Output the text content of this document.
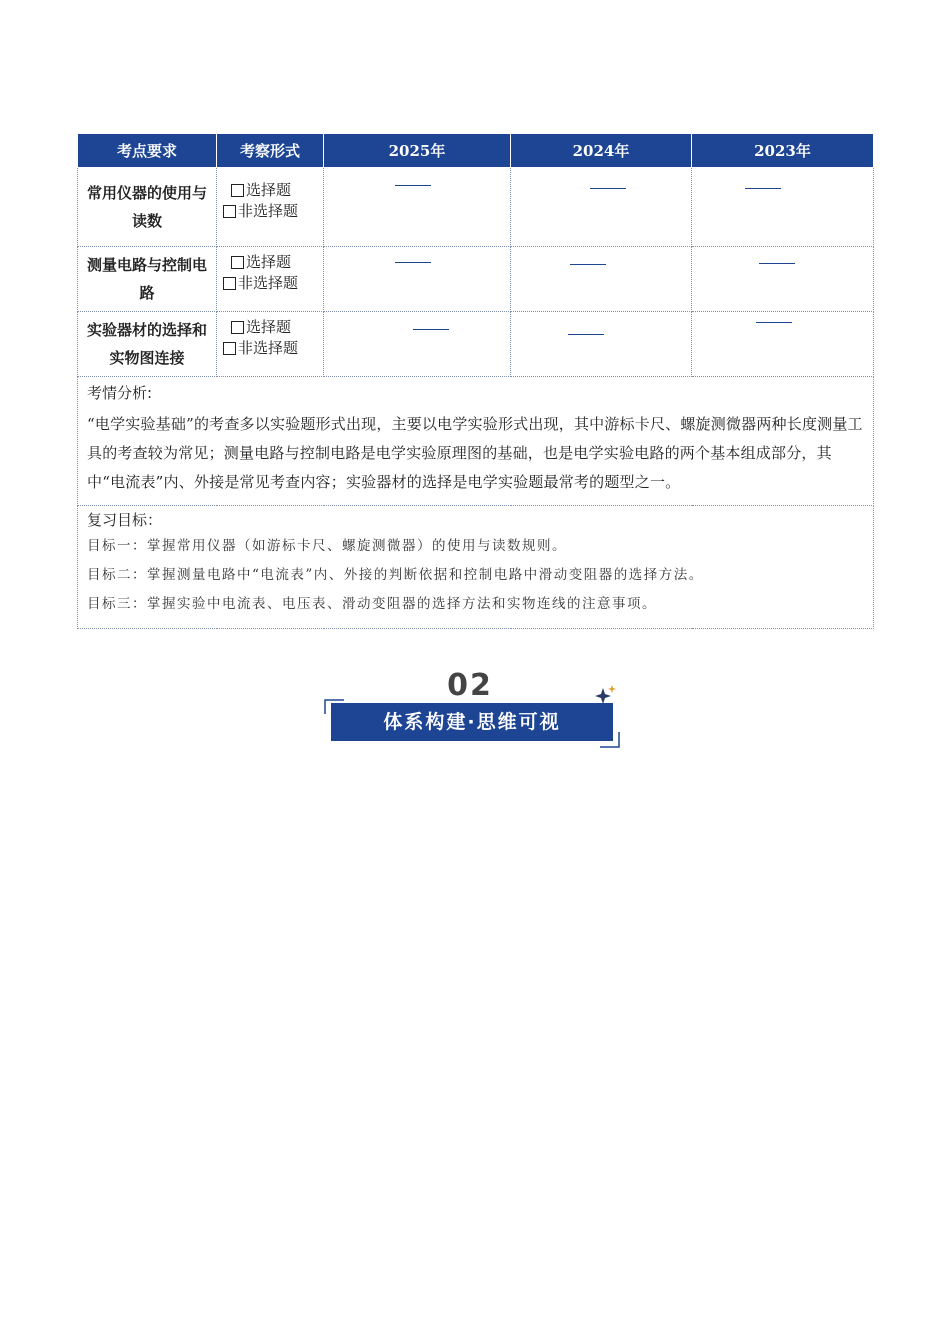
考点要求	考察形式	2025年	2024年	2023年
常用仪器的使用与读数	选择题
非选择题			

测量电路与控制电路	选择题
非选择题			

实验器材的选择和实物图连接	选择题
非选择题			

考情分析:
“电学实验基础”的考查多以实验题形式出现，主要以电学实验形式出现，其中游标卡尺、螺旋测微器两种长度测量工具的考查较为常见；测量电路与控制电路是电学实验原理图的基础，也是电学实验电路的两个基本组成部分，其中“电流表”内、外接是常见考查内容；实验器材的选择是电学实验题最常考的题型之一。				

复习目标：
目标一：掌握常用仪器（如游标卡尺、螺旋测微器）的使用与读数规则。
目标二：掌握测量电路中“电流表”内、外接的判断依据和控制电路中滑动变阻器的选择方法。
目标三：掌握实验中电流表、电压表、滑动变阻器的选择方法和实物连线的注意事项。				
02
体系构建·思维可视
